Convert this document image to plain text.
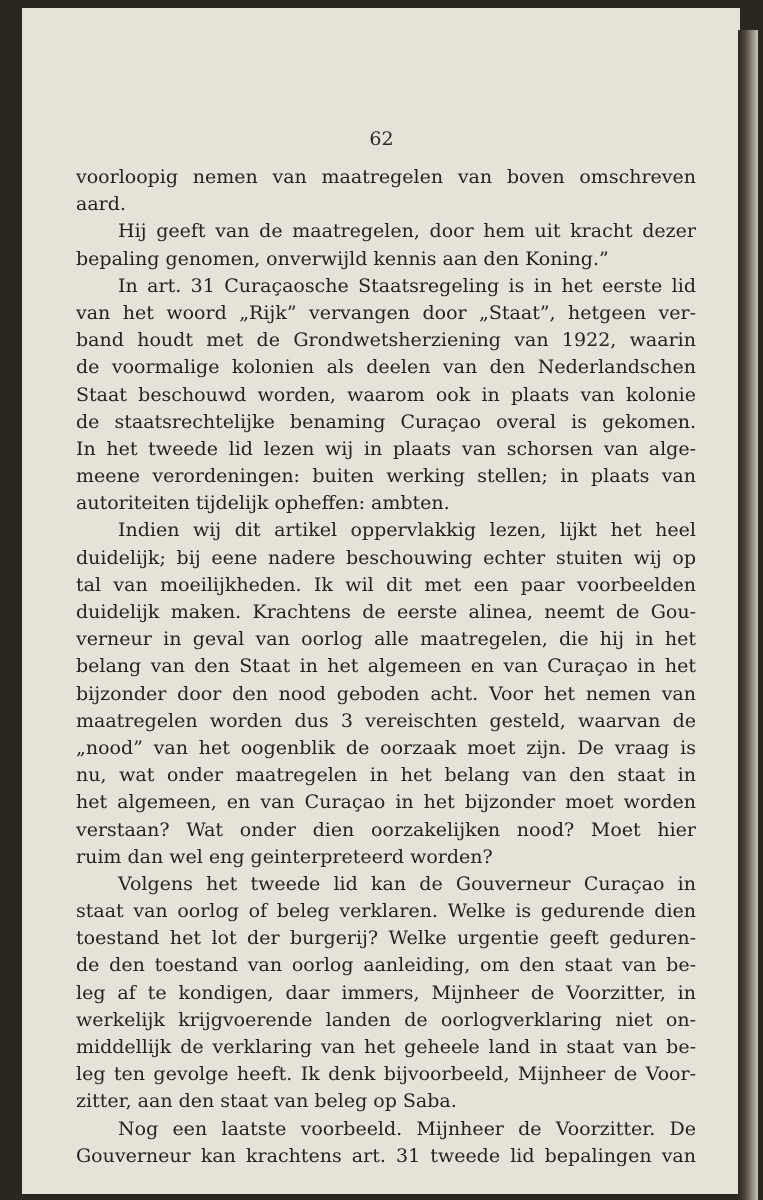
62
voorloopig nemen van maatregelen van boven omschreven
aard.
Hij geeft van de maatregelen, door hem uit kracht dezer
bepaling genomen, onverwijld kennis aan den Koning.”
In art. 31 Curaçaosche Staatsregeling is in het eerste lid
van het woord „Rijk” vervangen door „Staat”, hetgeen ver-
band houdt met de Grondwetsherziening van 1922, waarin
de voormalige kolonien als deelen van den Nederlandschen
Staat beschouwd worden, waarom ook in plaats van kolonie
de staatsrechtelijke benaming Curaçao overal is gekomen.
In het tweede lid lezen wij in plaats van schorsen van alge-
meene verordeningen: buiten werking stellen; in plaats van
autoriteiten tijdelijk opheffen: ambten.
Indien wij dit artikel oppervlakkig lezen, lijkt het heel
duidelijk; bij eene nadere beschouwing echter stuiten wij op
tal van moeilijkheden. Ik wil dit met een paar voorbeelden
duidelijk maken. Krachtens de eerste alinea, neemt de Gou-
verneur in geval van oorlog alle maatregelen, die hij in het
belang van den Staat in het algemeen en van Curaçao in het
bijzonder door den nood geboden acht. Voor het nemen van
maatregelen worden dus 3 vereischten gesteld, waarvan de
„nood” van het oogenblik de oorzaak moet zijn. De vraag is
nu, wat onder maatregelen in het belang van den staat in
het algemeen, en van Curaçao in het bijzonder moet worden
verstaan? Wat onder dien oorzakelijken nood? Moet hier
ruim dan wel eng geinterpreteerd worden?
Volgens het tweede lid kan de Gouverneur Curaçao in
staat van oorlog of beleg verklaren. Welke is gedurende dien
toestand het lot der burgerij? Welke urgentie geeft geduren-
de den toestand van oorlog aanleiding, om den staat van be-
leg af te kondigen, daar immers, Mijnheer de Voorzitter, in
werkelijk krijgvoerende landen de oorlogverklaring niet on-
middellijk de verklaring van het geheele land in staat van be-
leg ten gevolge heeft. Ik denk bijvoorbeeld, Mijnheer de Voor-
zitter, aan den staat van beleg op Saba.
Nog een laatste voorbeeld. Mijnheer de Voorzitter. De
Gouverneur kan krachtens art. 31 tweede lid bepalingen van
